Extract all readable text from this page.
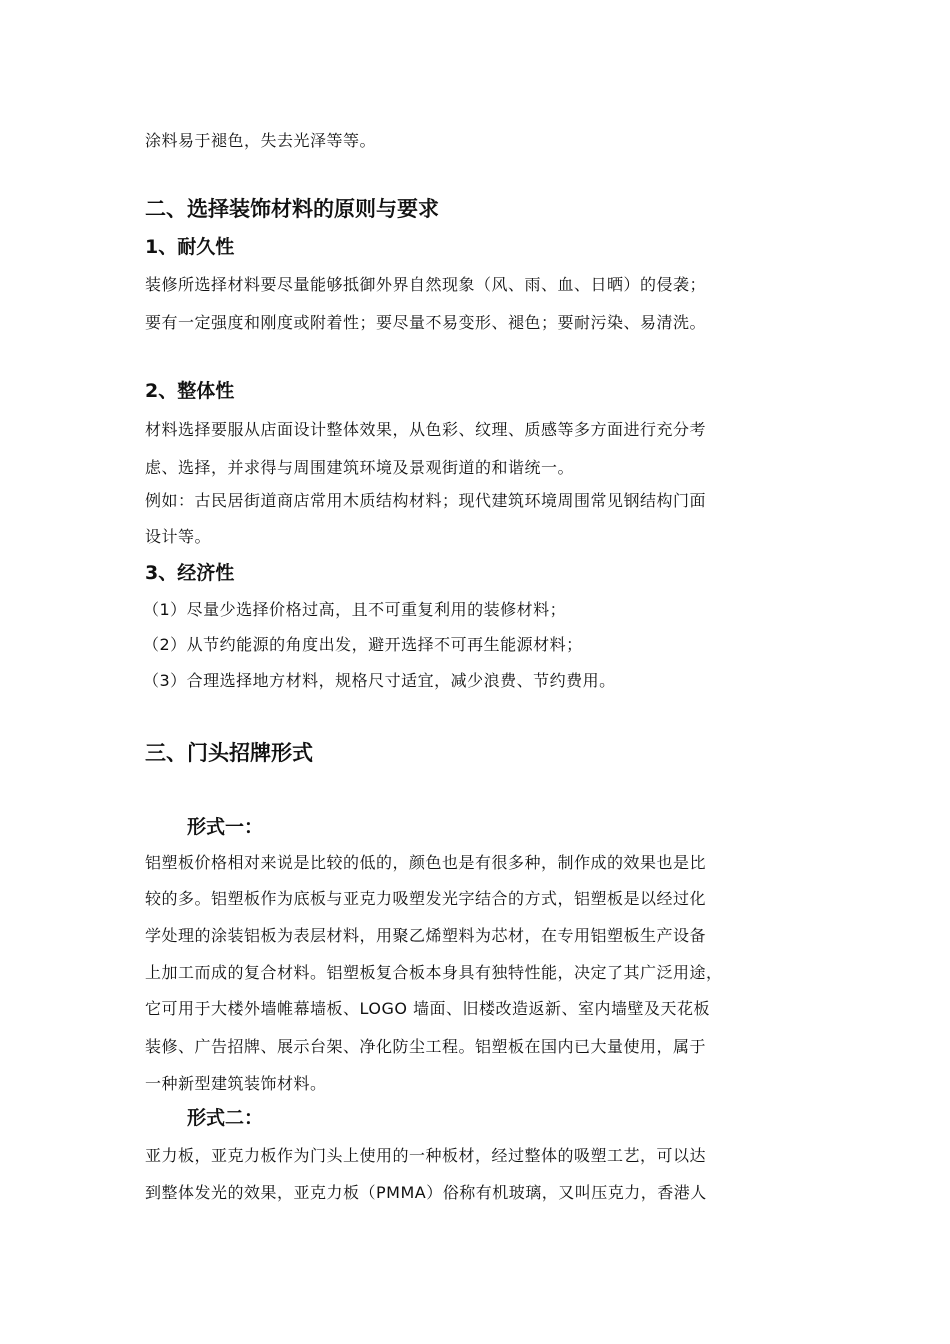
涂料易于褪色，失去光泽等等。
二、选择装饰材料的原则与要求
1、耐久性
装修所选择材料要尽量能够抵御外界自然现象（风、雨、血、日晒）的侵袭；
要有一定强度和刚度或附着性；要尽量不易变形、褪色；要耐污染、易清洗。
2、整体性
材料选择要服从店面设计整体效果，从色彩、纹理、质感等多方面进行充分考
虑、选择，并求得与周围建筑环境及景观街道的和谐统一。
例如：古民居街道商店常用木质结构材料；现代建筑环境周围常见钢结构门面
设计等。
3、经济性
（1）尽量少选择价格过高，且不可重复利用的装修材料；
（2）从节约能源的角度出发，避开选择不可再生能源材料；
（3）合理选择地方材料，规格尺寸适宜，减少浪费、节约费用。
三、门头招牌形式
形式一：
铝塑板价格相对来说是比较的低的，颜色也是有很多种，制作成的效果也是比
较的多。铝塑板作为底板与亚克力吸塑发光字结合的方式，铝塑板是以经过化
学处理的涂装铝板为表层材料，用聚乙烯塑料为芯材，在专用铝塑板生产设备
上加工而成的复合材料。铝塑板复合板本身具有独特性能，决定了其广泛用途，
它可用于大楼外墙帷幕墙板、LOGO 墙面、旧楼改造返新、室内墙壁及天花板
装修、广告招牌、展示台架、净化防尘工程。铝塑板在国内已大量使用，属于
一种新型建筑装饰材料。
形式二：
亚力板，亚克力板作为门头上使用的一种板材，经过整体的吸塑工艺，可以达
到整体发光的效果，亚克力板（PMMA）俗称有机玻璃，又叫压克力，香港人
